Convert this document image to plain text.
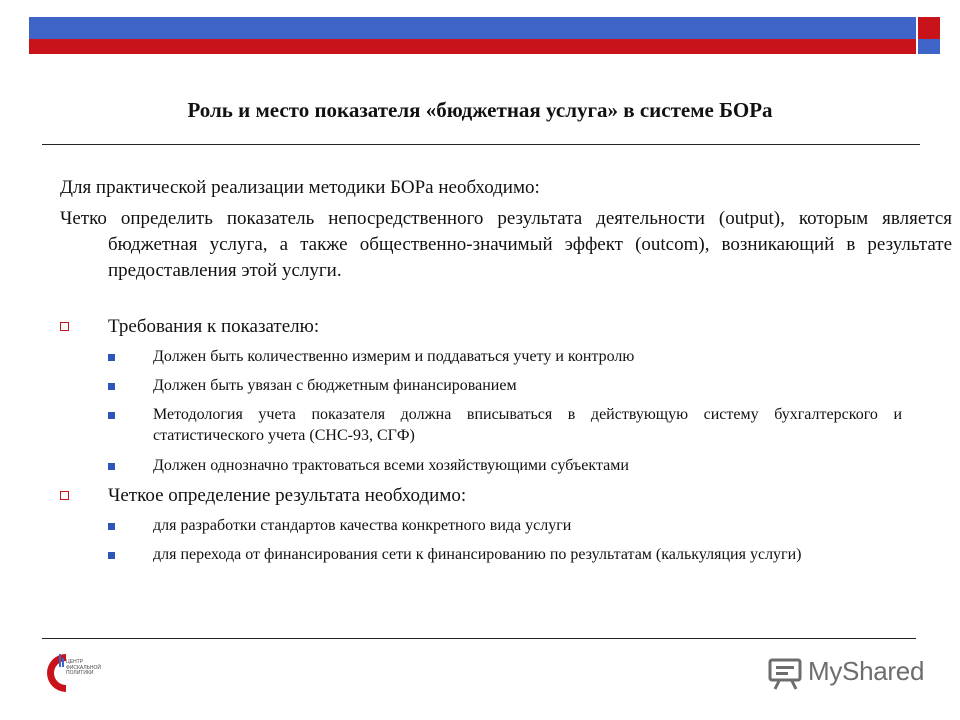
Роль и место показателя «бюджетная услуга» в системе БОРа
Для практической реализации методики БОРа необходимо:
Четко определить показатель непосредственного результата деятельности (output), которым является бюджетная услуга, а также общественно-значимый эффект (outcom), возникающий в результате предоставления этой услуги.
Требования к показателю:
Должен быть количественно измерим и поддаваться учету и контролю
Должен быть увязан с бюджетным финансированием
Методология учета показателя должна вписываться в действующую систему бухгалтерского и статистического учета (СНС-93, СГФ)
Должен однозначно трактоваться всеми хозяйствующими субъектами
Четкое определение результата необходимо:
для разработки стандартов качества конкретного вида услуги
для перехода от финансирования сети к финансированию по результатам (калькуляция услуги)
ЦЕНТР
ФИСКАЛЬНОЙ
ПОЛИТИКИ	MyShared
